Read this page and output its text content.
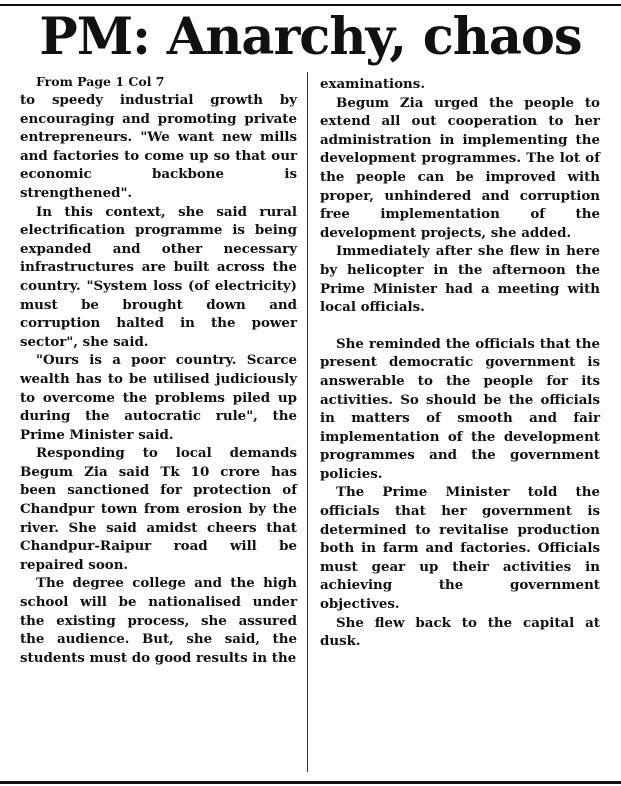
PM: Anarchy, chaos

From Page 1 Col 7

to speedy industrial growth by encouraging and promoting private entrepreneurs. "We want new mills and factories to come up so that our economic backbone is strengthened".

In this context, she said rural electrification programme is being expanded and other necessary infrastructures are built across the country. "System loss (of electricity) must be brought down and corruption halted in the power sector", she said.

"Ours is a poor country. Scarce wealth has to be utilised judiciously to overcome the problems piled up during the autocratic rule", the Prime Minister said.

Responding to local demands Begum Zia said Tk 10 crore has been sanctioned for protection of Chandpur town from erosion by the river. She said amidst cheers that Chandpur-Raipur road will be repaired soon.

The degree college and the high school will be nationalised under the existing process, she assured the audience. But, she said, the students must do good results in the

examinations.

Begum Zia urged the people to extend all out cooperation to her administration in implementing the development programmes. The lot of the people can be improved with proper, unhindered and corruption free implementation of the development projects, she added.

Immediately after she flew in here by helicopter in the afternoon the Prime Minister had a meeting with local officials.

She reminded the officials that the present democratic government is answerable to the people for its activities. So should be the officials in matters of smooth and fair implementation of the development programmes and the government policies.

The Prime Minister told the officials that her government is determined to revitalise production both in farm and factories. Officials must gear up their activities in achieving the government objectives.

She flew back to the capital at dusk.
